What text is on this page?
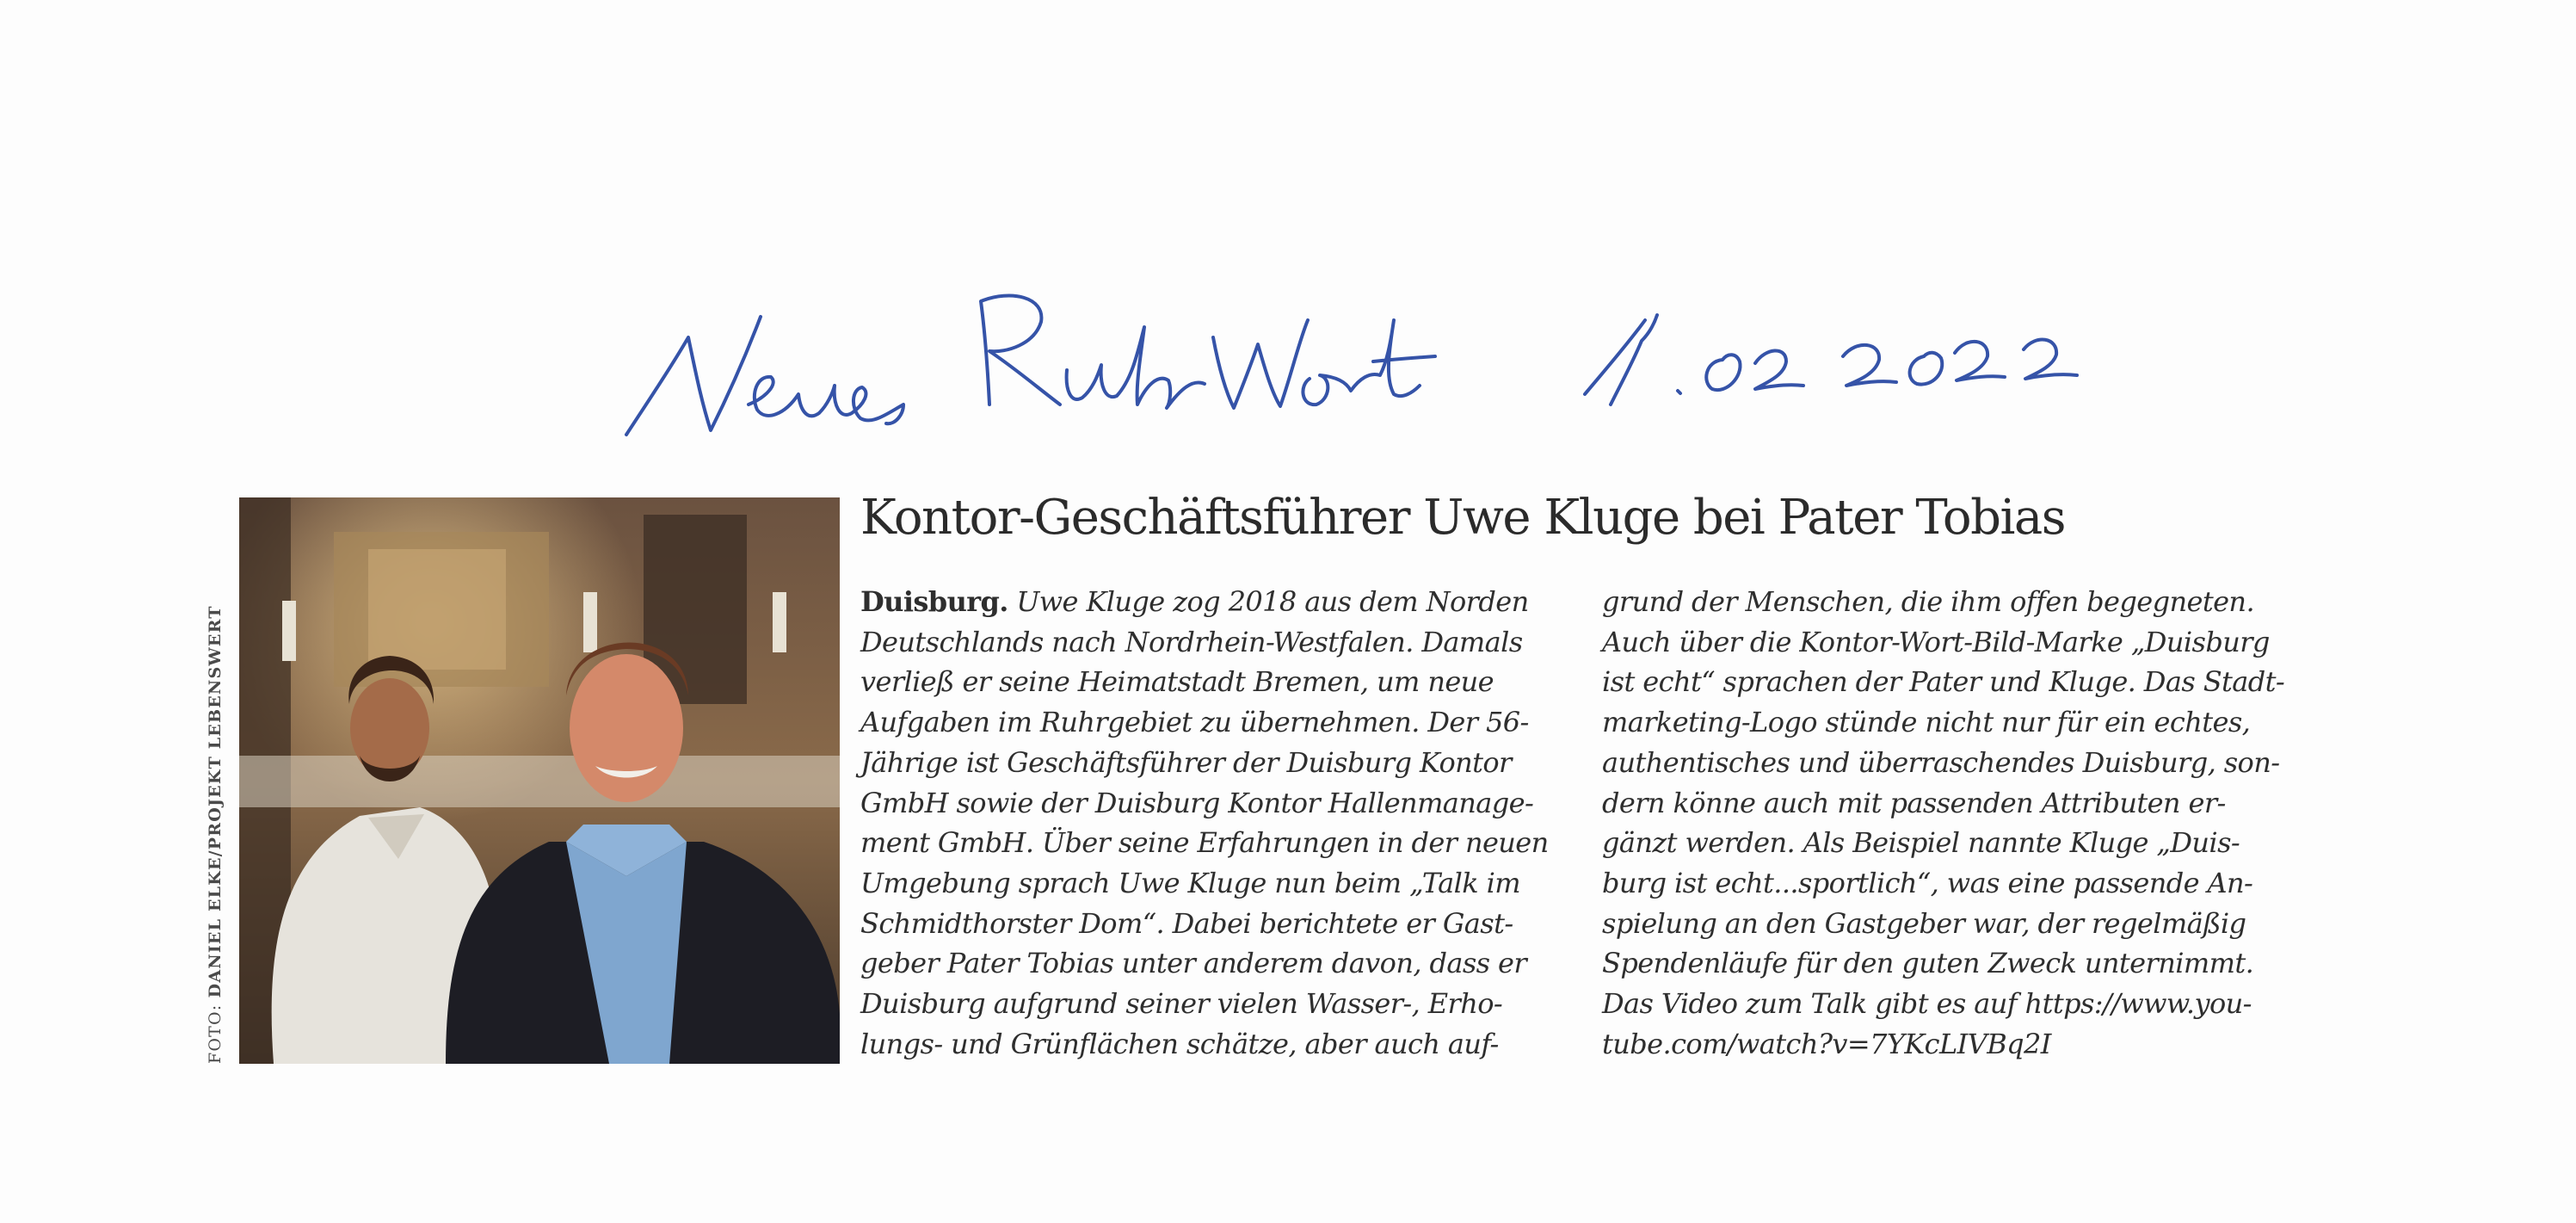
FOTO: DANIEL ELKE/PROJEKT LEBENSWERT
Kontor-Geschäftsführer Uwe Kluge bei Pater Tobias
Duisburg. Uwe Kluge zog 2018 aus dem Norden
Deutschlands nach Nordrhein-Westfalen. Damals
verließ er seine Heimatstadt Bremen, um neue
Aufgaben im Ruhrgebiet zu übernehmen. Der 56-
Jährige ist Geschäftsführer der Duisburg Kontor
GmbH sowie der Duisburg Kontor Hallenmanage-
ment GmbH. Über seine Erfahrungen in der neuen
Umgebung sprach Uwe Kluge nun beim „Talk im
Schmidthorster Dom“. Dabei berichtete er Gast-
geber Pater Tobias unter anderem davon, dass er
Duisburg aufgrund seiner vielen Wasser-, Erho-
lungs- und Grünflächen schätze, aber auch auf-
grund der Menschen, die ihm offen begegneten.
Auch über die Kontor-Wort-Bild-Marke „Duisburg
ist echt“ sprachen der Pater und Kluge. Das Stadt-
marketing-Logo stünde nicht nur für ein echtes,
authentisches und überraschendes Duisburg, son-
dern könne auch mit passenden Attributen er-
gänzt werden. Als Beispiel nannte Kluge „Duis-
burg ist echt...sportlich“, was eine passende An-
spielung an den Gastgeber war, der regelmäßig
Spendenläufe für den guten Zweck unternimmt.
Das Video zum Talk gibt es auf https://www.you-
tube.com/watch?v=7YKcLIVBq2I
